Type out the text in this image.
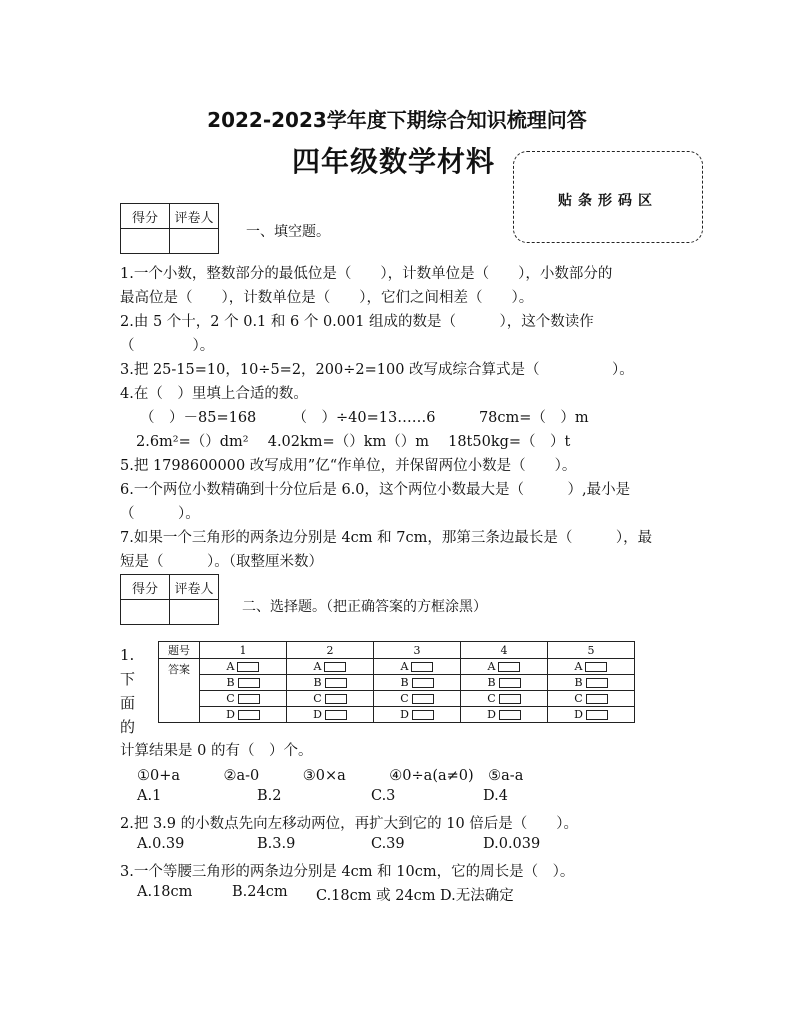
2022-2023学年度下期综合知识梳理问答
四年级数学材料
贴条形码区
得分	评卷人

一、填空题。
1.一个小数，整数部分的最低位是（　　），计数单位是（　　），小数部分的
最高位是（　　），计数单位是（　　），它们之间相差（　　）。
2.由 5 个十，2 个 0.1 和 6 个 0.001 组成的数是（　　　），这个数读作
（　　　　）。
3.把 25-15=10，10÷5=2，200÷2=100 改写成综合算式是（　　　　　）。
4.在（　）里填上合适的数。
（　）－85=168　　　（　）÷40=13……6　　　78cm=（　）m
2.6m²=（）dm²　 4.02km=（）km（）m　 18t50kg=（　）t
5.把 1798600000 改写成用”亿“作单位，并保留两位小数是（　　）。
6.一个两位小数精确到十分位后是 6.0，这个两位小数最大是（　　　）,最小是
（　　　）。
7.如果一个三角形的两条边分别是 4cm 和 7cm，那第三条边最长是（　　　），最
短是（　　　）。（取整厘米数）
得分	评卷人

二、选择题。（把正确答案的方框涂黑）
题号	1	2	3	4	5
答案	A	A	A	A	A

	B	B	B	B	B

	C	C	C	C	C

	D	D	D	D	D
1.
下
面
的
计算结果是 0 的有（　）个。
①0+a　　　②a-0　　　③0×a　　　④0÷a(a≠0)　⑤a-a
A.1	B.2	C.3	D.4
2.把 3.9 的小数点先向左移动两位，再扩大到它的 10 倍后是（　　）。
A.0.39	B.3.9	C.39	D.0.039
3.一个等腰三角形的两条边分别是 4cm 和 10cm，它的周长是（　）。
A.18cm	B.24cm C.18cm 或 24cm D.无法确定
